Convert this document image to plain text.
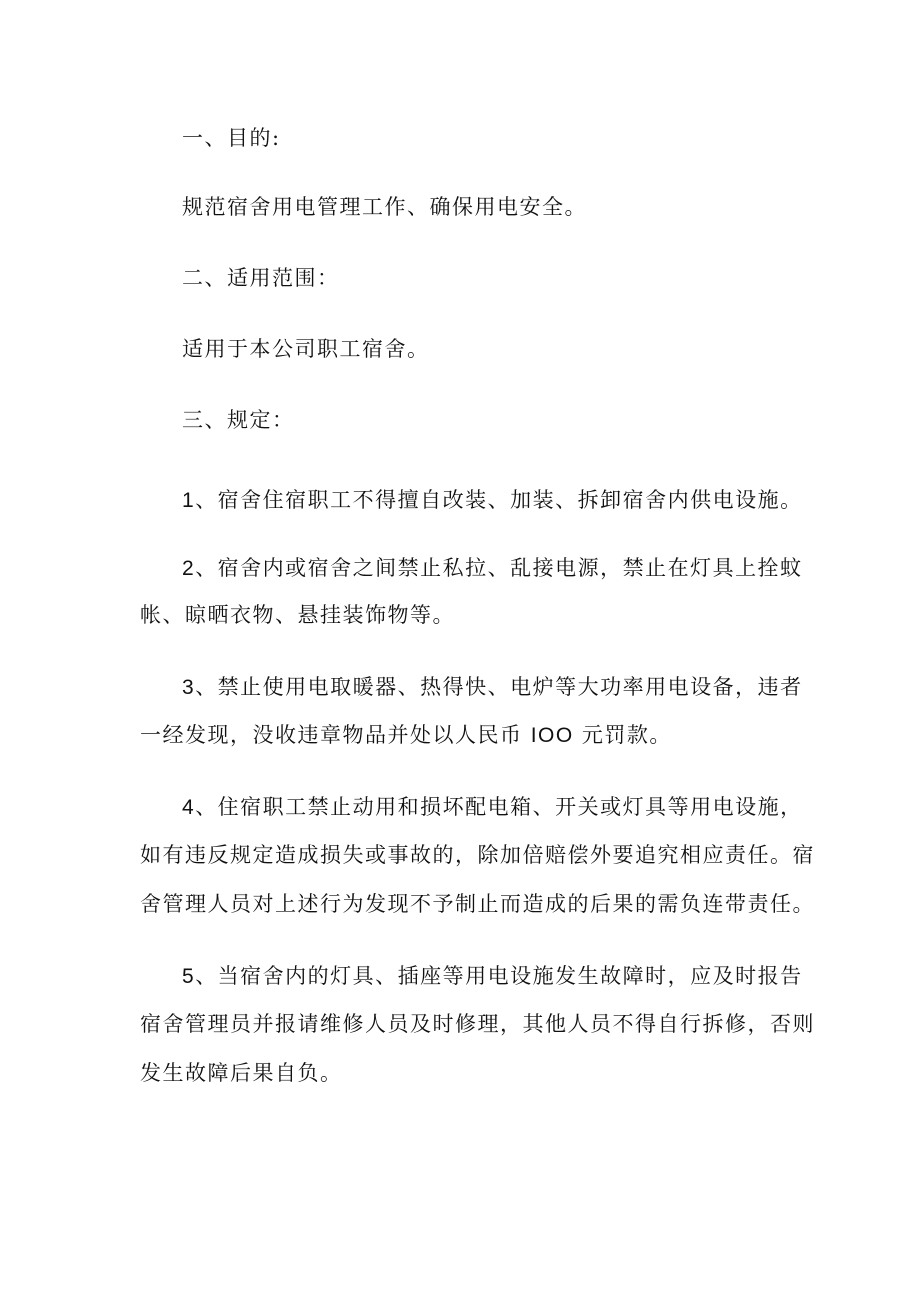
一、目的:
规范宿舍用电管理工作、确保用电安全。
二、适用范围：
适用于本公司职工宿舍。
三、规定：
1、宿舍住宿职工不得擅自改装、加装、拆卸宿舍内供电设施。
2、宿舍内或宿舍之间禁止私拉、乱接电源，禁止在灯具上拴蚊
帐、晾晒衣物、悬挂装饰物等。
3、禁止使用电取暖器、热得快、电炉等大功率用电设备，违者
一经发现，没收违章物品并处以人民币 IOO 元罚款。
4、住宿职工禁止动用和损坏配电箱、开关或灯具等用电设施，
如有违反规定造成损失或事故的，除加倍赔偿外要追究相应责任。宿
舍管理人员对上述行为发现不予制止而造成的后果的需负连带责任。
5、当宿舍内的灯具、插座等用电设施发生故障时，应及时报告
宿舍管理员并报请维修人员及时修理，其他人员不得自行拆修，否则
发生故障后果自负。
